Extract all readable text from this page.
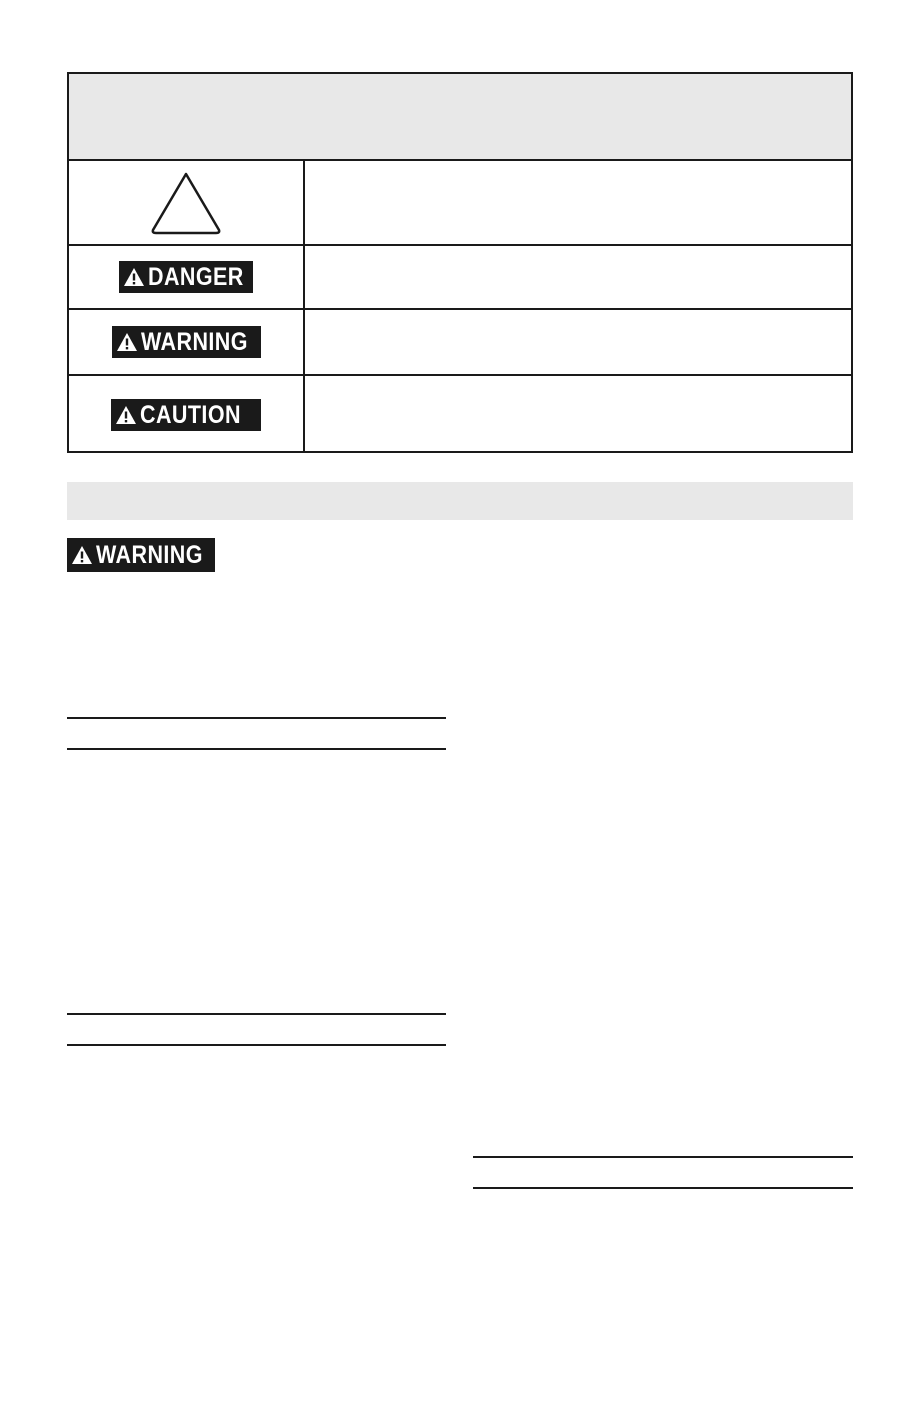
DANGER
WARNING
CAUTION
WARNING
